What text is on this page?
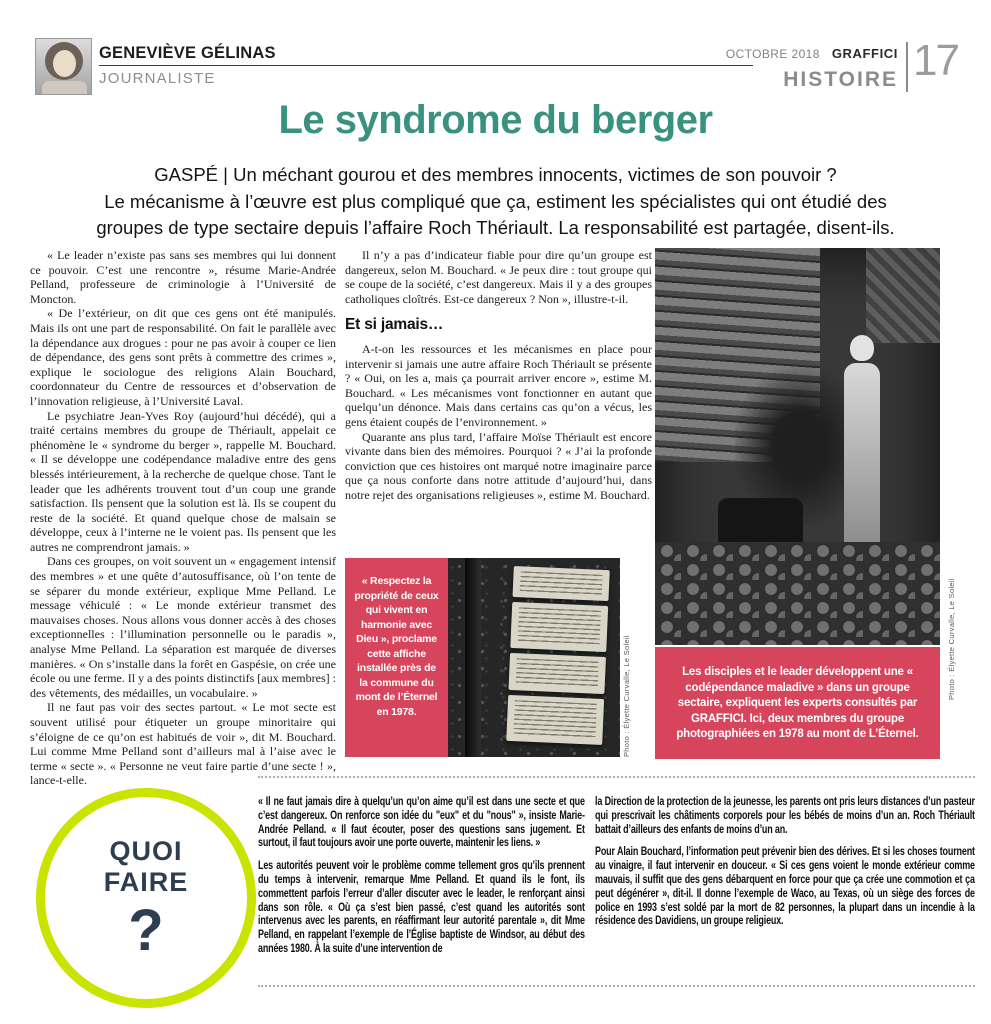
GENEVIÈVE GÉLINAS
JOURNALISTE
OCTOBRE 2018 GRAFFICI
HISTOIRE 17
Le syndrome du berger
GASPÉ | Un méchant gourou et des membres innocents, victimes de son pouvoir ?
Le mécanisme à l’œuvre est plus compliqué que ça, estiment les spécialistes qui ont étudié des
groupes de type sectaire depuis l’affaire Roch Thériault. La responsabilité est partagée, disent-ils.

« Le leader n’existe pas sans ses membres qui lui donnent ce pouvoir. C’est une rencontre », résume Marie-Andrée Pelland, professeure de criminologie à l’Université de Moncton.

« De l’extérieur, on dit que ces gens ont été manipulés. Mais ils ont une part de responsabilité. On fait le parallèle avec la dépendance aux drogues : pour ne pas avoir à couper ce lien de dépendance, des gens sont prêts à commettre des crimes », explique le sociologue des religions Alain Bouchard, coordonnateur du Centre de ressources et d’observation de l’innovation religieuse, à l’Université Laval.

Le psychiatre Jean-Yves Roy (aujourd’hui décédé), qui a traité certains membres du groupe de Thériault, appelait ce phénomène le « syndrome du berger », rappelle M. Bouchard. « Il se développe une codépendance maladive entre des gens blessés intérieurement, à la recherche de quelque chose. Tant le leader que les adhérents trouvent tout d’un coup une grande satisfaction. Ils pensent que la solution est là. Ils se coupent du reste de la société. Et quand quelque chose de malsain se développe, ceux à l’interne ne le voient pas. Ils pensent que les autres ne comprendront jamais. »

Dans ces groupes, on voit souvent un « engagement intensif des membres » et une quête d’autosuffisance, où l’on tente de se séparer du monde extérieur, explique Mme Pelland. Le message véhiculé : « Le monde extérieur transmet des mauvaises choses. Nous allons vous donner accès à des choses exceptionnelles : l’illumination personnelle ou le paradis », analyse Mme Pelland. La séparation est marquée de diverses manières. « On s’installe dans la forêt en Gaspésie, on crée une école ou une ferme. Il y a des points distinctifs [aux membres] : des vêtements, des médailles, un vocabulaire. »

Il ne faut pas voir des sectes partout. « Le mot secte est souvent utilisé pour étiqueter un groupe minoritaire qui s’éloigne de ce qu’on est habitués de voir », dit M. Bouchard. Lui comme Mme Pelland sont d’ailleurs mal à l’aise avec le terme « secte ». « Personne ne veut faire partie d’une secte ! », lance-t-elle.

Il n’y a pas d’indicateur fiable pour dire qu’un groupe est dangereux, selon M. Bouchard. « Je peux dire : tout groupe qui se coupe de la société, c’est dangereux. Mais il y a des groupes catholiques cloîtrés. Est-ce dangereux ? Non », illustre-t-il.

Et si jamais…

A-t-on les ressources et les mécanismes en place pour intervenir si jamais une autre affaire Roch Thériault se présente ? « Oui, on les a, mais ça pourrait arriver encore », estime M. Bouchard. « Les mécanismes vont fonctionner en autant que quelqu’un dénonce. Mais dans certains cas qu’on a vécus, les gens étaient coupés de l’environnement. »

Quarante ans plus tard, l’affaire Moïse Thériault est encore vivante dans bien des mémoires. Pourquoi ? « J’ai la profonde conviction que ces histoires ont marqué notre imaginaire parce que ça nous conforte dans notre attitude d’aujourd’hui, dans notre rejet des organisations religieuses », estime M. Bouchard.

« Respectez la propriété de ceux qui vivent en harmonie avec Dieu », proclame cette affiche installée près de la commune du mont de l’Éternel en 1978.	Photo : Élyette Curvalle, Le Soleil	Photo : Élyette Curvalle, Le Soleil
Les disciples et le leader développent une « codépendance maladive » dans un groupe sectaire, expliquent les experts consultés par GRAFFICI. Ici, deux membres du groupe photographiées en 1978 au mont de L’Éternel.
QUOI
FAIRE
?

« Il ne faut jamais dire à quelqu’un qu’on aime qu’il est dans une secte et que c’est dangereux. On renforce son idée du "eux" et du "nous" », insiste Marie-Andrée Pelland. « Il faut écouter, poser des questions sans jugement. Et surtout, il faut toujours avoir une porte ouverte, maintenir les liens. »

Les autorités peuvent voir le problème comme tellement gros qu’ils prennent du temps à intervenir, remarque Mme Pelland. Et quand ils le font, ils commettent parfois l’erreur d’aller discuter avec le leader, le renforçant ainsi dans son rôle. « Où ça s’est bien passé, c’est quand les autorités sont intervenus avec les parents, en réaffirmant leur autorité parentale », dit Mme Pelland, en rappelant l’exemple de l’Église baptiste de Windsor, au début des années 1980. À la suite d’une intervention de

la Direction de la protection de la jeunesse, les parents ont pris leurs distances d’un pasteur qui prescrivait les châtiments corporels pour les bébés de moins d’un an. Roch Thériault battait d’ailleurs des enfants de moins d’un an.

Pour Alain Bouchard, l’information peut prévenir bien des dérives. Et si les choses tournent au vinaigre, il faut intervenir en douceur. « Si ces gens voient le monde extérieur comme mauvais, il suffit que des gens débarquent en force pour que ça crée une commotion et ça peut dégénérer », dit-il. Il donne l’exemple de Waco, au Texas, où un siège des forces de police en 1993 s’est soldé par la mort de 82 personnes, la plupart dans un incendie à la résidence des Davidiens, un groupe religieux.
